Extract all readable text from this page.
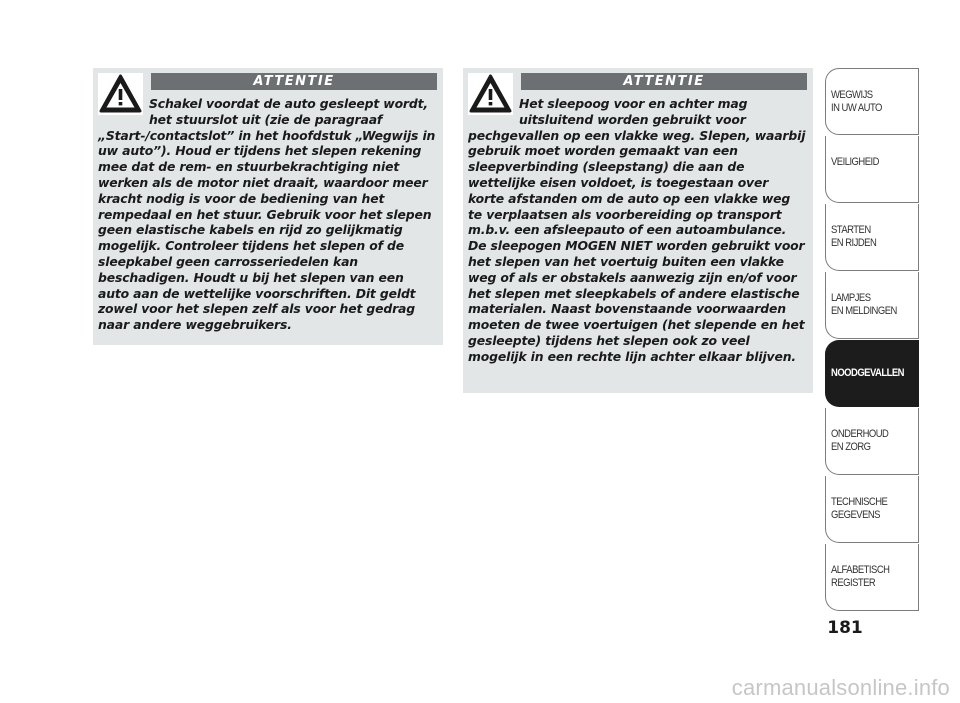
ATTENTIE
Schakel voordat de auto gesleept wordt, het stuurslot uit (zie de paragraaf „Start-/contactslot” in het hoofdstuk „Wegwijs in uw auto”). Houd er tijdens het slepen rekening mee dat de rem- en stuurbekrachtiging niet werken als de motor niet draait, waardoor meer kracht nodig is voor de bediening van het rempedaal en het stuur. Gebruik voor het slepen geen elastische kabels en rijd zo gelijkmatig mogelijk. Controleer tijdens het slepen of de sleepkabel geen carrosseriedelen kan beschadigen. Houdt u bij het slepen van een auto aan de wettelijke voorschriften. Dit geldt zowel voor het slepen zelf als voor het gedrag naar andere weggebruikers.
ATTENTIE
Het sleepoog voor en achter mag uitsluitend worden gebruikt voor pechgevallen op een vlakke weg. Slepen, waarbij gebruik moet worden gemaakt van een sleepverbinding (sleepstang) die aan de wettelijke eisen voldoet, is toegestaan over korte afstanden om de auto op een vlakke weg te verplaatsen als voorbereiding op transport m.b.v. een afsleepauto of een autoambulance. De sleepogen MOGEN NIET worden gebruikt voor het slepen van het voertuig buiten een vlakke weg of als er obstakels aanwezig zijn en/of voor het slepen met sleepkabels of andere elastische materialen. Naast bovenstaande voorwaarden moeten de twee voertuigen (het slepende en het gesleepte) tijdens het slepen ook zo veel mogelijk in een rechte lijn achter elkaar blijven.
WEGWIJS
IN UW AUTO
VEILIGHEID
STARTEN
EN RIJDEN
LAMPJES
EN MELDINGEN
NOODGEVALLEN
ONDERHOUD
EN ZORG
TECHNISCHE
GEGEVENS
ALFABETISCH
REGISTER
181
carmanualsonline.info
